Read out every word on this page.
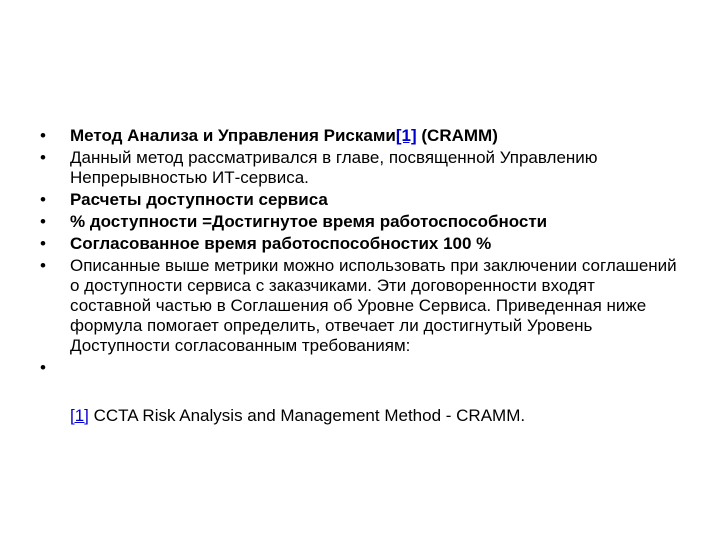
•	Метод Анализа и Управления Рисками[1] (CRAMM)
•	Данный метод рассматривался в главе, посвященной Управлению Непрерывностью ИТ-сервиса.
•	Расчеты доступности сервиса
•	% доступности =Достигнутое время работоспособности
•	Согласованное время работоспособностих 100 %
•	Описанные выше метрики можно использовать при заключении соглашений о доступности сервиса с заказчиками. Эти договоренности входят составной частью в Соглашения об Уровне Сервиса. Приведенная ниже формула помогает определить, отвечает ли достигнутый Уровень Доступности согласованным требованиям:
•
[1] CCTA Risk Analysis and Management Method - CRAMM.
